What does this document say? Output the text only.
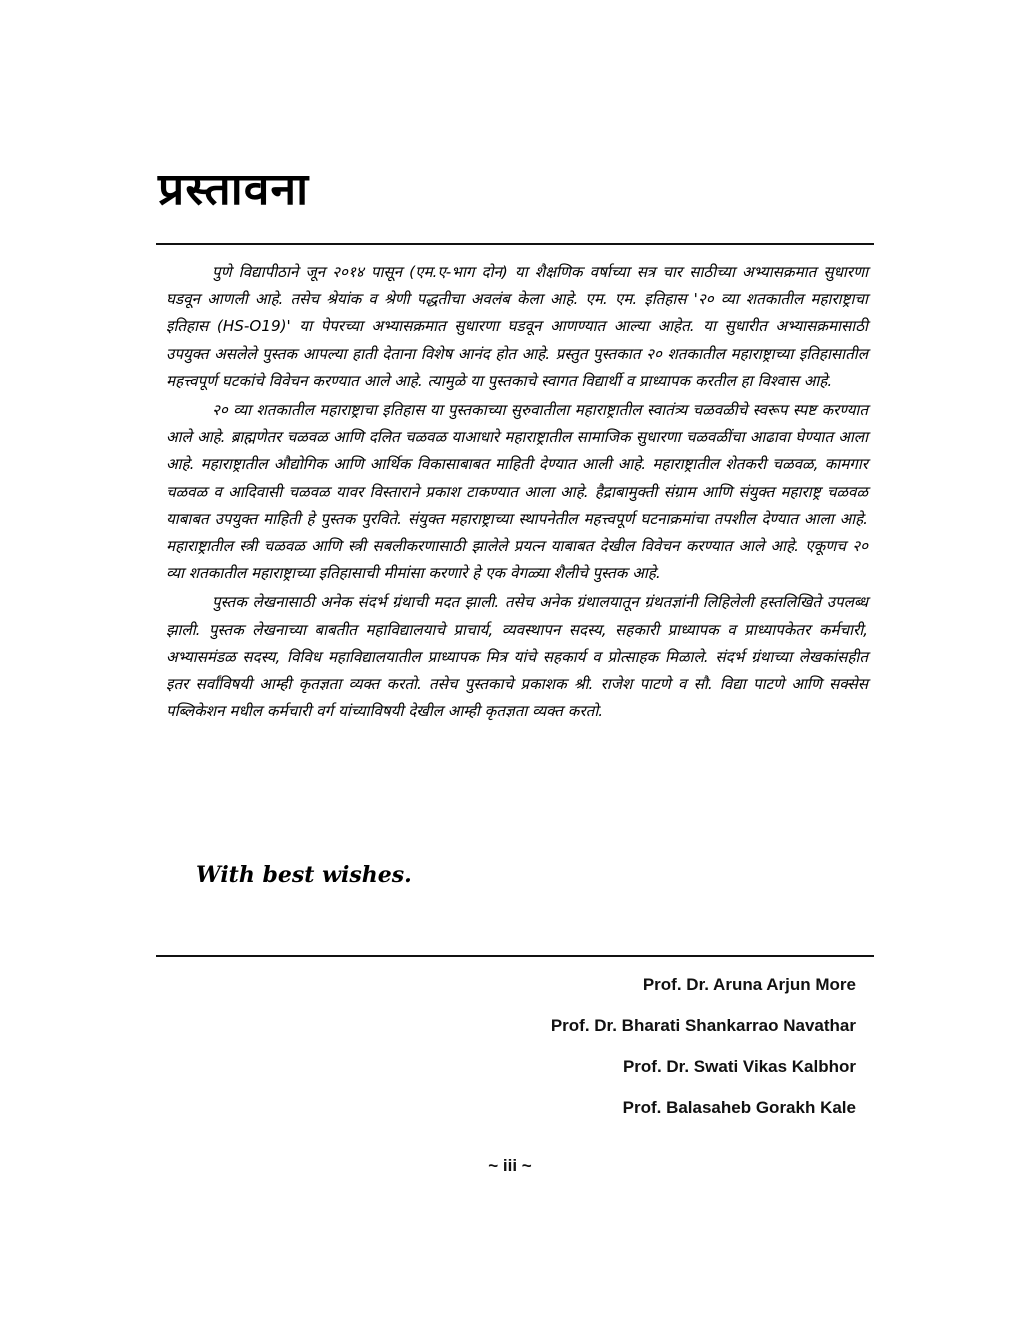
प्रस्तावना

पुणे विद्यापीठाने जून २०१४ पासून (एम.ए-भाग दोन) या शैक्षणिक वर्षाच्या सत्र चार साठीच्या अभ्यासक्रमात सुधारणा घडवून आणली आहे. तसेच श्रेयांक व श्रेणी पद्धतीचा अवलंब केला आहे. एम. एम. इतिहास '२० व्या शतकातील महाराष्ट्राचा इतिहास (HS-O19)' या पेपरच्या अभ्यासक्रमात सुधारणा घडवून आणण्यात आल्या आहेत. या सुधारीत अभ्यासक्रमासाठी उपयुक्त असलेले पुस्तक आपल्या हाती देताना विशेष आनंद होत आहे. प्रस्तुत पुस्तकात २० शतकातील महाराष्ट्राच्या इतिहासातील महत्त्वपूर्ण घटकांचे विवेचन करण्यात आले आहे. त्यामुळे या पुस्तकाचे स्वागत विद्यार्थी व प्राध्यापक करतील हा विश्वास आहे.

२० व्या शतकातील महाराष्ट्राचा इतिहास या पुस्तकाच्या सुरुवातीला महाराष्ट्रातील स्वातंत्र्य चळवळीचे स्वरूप स्पष्ट करण्यात आले आहे. ब्राह्मणेतर चळवळ आणि दलित चळवळ याआधारे महाराष्ट्रातील सामाजिक सुधारणा चळवळींचा आढावा घेण्यात आला आहे. महाराष्ट्रातील औद्योगिक आणि आर्थिक विकासाबाबत माहिती देण्यात आली आहे. महाराष्ट्रातील शेतकरी चळवळ, कामगार चळवळ व आदिवासी चळवळ यावर विस्ताराने प्रकाश टाकण्यात आला आहे. हैद्राबामुक्ती संग्राम आणि संयुक्त महाराष्ट्र चळवळ याबाबत उपयुक्त माहिती हे पुस्तक पुरविते. संयुक्त महाराष्ट्राच्या स्थापनेतील महत्त्वपूर्ण घटनाक्रमांचा तपशील देण्यात आला आहे. महाराष्ट्रातील स्त्री चळवळ आणि स्त्री सबलीकरणासाठी झालेले प्रयत्न याबाबत देखील विवेचन करण्यात आले आहे. एकूणच २० व्या शतकातील महाराष्ट्राच्या इतिहासाची मीमांसा करणारे हे एक वेगळ्या शैलीचे पुस्तक आहे.

पुस्तक लेखनासाठी अनेक संदर्भ ग्रंथाची मदत झाली. तसेच अनेक ग्रंथालयातून ग्रंथतज्ञांनी लिहिलेली हस्तलिखिते उपलब्ध झाली. पुस्तक लेखनाच्या बाबतीत महाविद्यालयाचे प्राचार्य, व्यवस्थापन सदस्य, सहकारी प्राध्यापक व प्राध्यापकेतर कर्मचारी, अभ्यासमंडळ सदस्य, विविध महाविद्यालयातील प्राध्यापक मित्र यांचे सहकार्य व प्रोत्साहक मिळाले. संदर्भ ग्रंथाच्या लेखकांसहीत इतर सर्वांविषयी आम्ही कृतज्ञता व्यक्त करतो. तसेच पुस्तकाचे प्रकाशक श्री. राजेश पाटणे व सौ. विद्या पाटणे आणि सक्सेस पब्लिकेशन मधील कर्मचारी वर्ग यांच्याविषयी देखील आम्ही कृतज्ञता व्यक्त करतो.

With best wishes.
Prof. Dr. Aruna Arjun More
Prof. Dr. Bharati Shankarrao Navathar
Prof. Dr. Swati Vikas Kalbhor
Prof. Balasaheb Gorakh Kale
~ iii ~
